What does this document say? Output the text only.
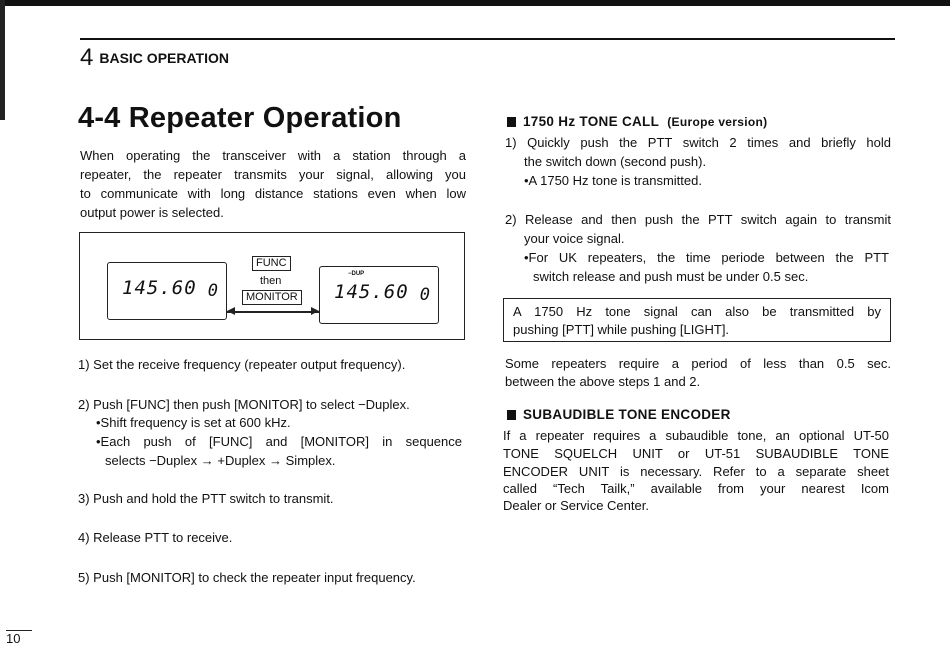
4 BASIC OPERATION
4-4 Repeater Operation
When operating the transceiver with a station through a
repeater, the repeater transmits your signal, allowing you
to communicate with long distance stations even when low
output power is selected.
145.60 0
FUNC
then
MONITOR
−DUP
145.60 0
1) Set the receive frequency (repeater output frequency).
2) Push [FUNC] then push [MONITOR] to select −Duplex.
•Shift frequency is set at 600 kHz.
•Each push of [FUNC] and [MONITOR] in sequence
selects −Duplex → +Duplex → Simplex.
3) Push and hold the PTT switch to transmit.
4) Release PTT to receive.
5) Push [MONITOR] to check the repeater input frequency.
1750 Hz TONE CALL (Europe version)
1) Quickly push the PTT switch 2 times and briefly hold
the switch down (second push).
•A 1750 Hz tone is transmitted.
2) Release and then push the PTT switch again to transmit
your voice signal.
•For UK repeaters, the time periode between the PTT
switch release and push must be under 0.5 sec.
A 1750 Hz tone signal can also be transmitted by
pushing [PTT] while pushing [LIGHT].
Some repeaters require a period of less than 0.5 sec.
between the above steps 1 and 2.
SUBAUDIBLE TONE ENCODER
If a repeater requires a subaudible tone, an optional UT-50
TONE SQUELCH UNIT or UT-51 SUBAUDIBLE TONE
ENCODER UNIT is necessary. Refer to a separate sheet
called “Tech Tailk,” available from your nearest Icom
Dealer or Service Center.
10
